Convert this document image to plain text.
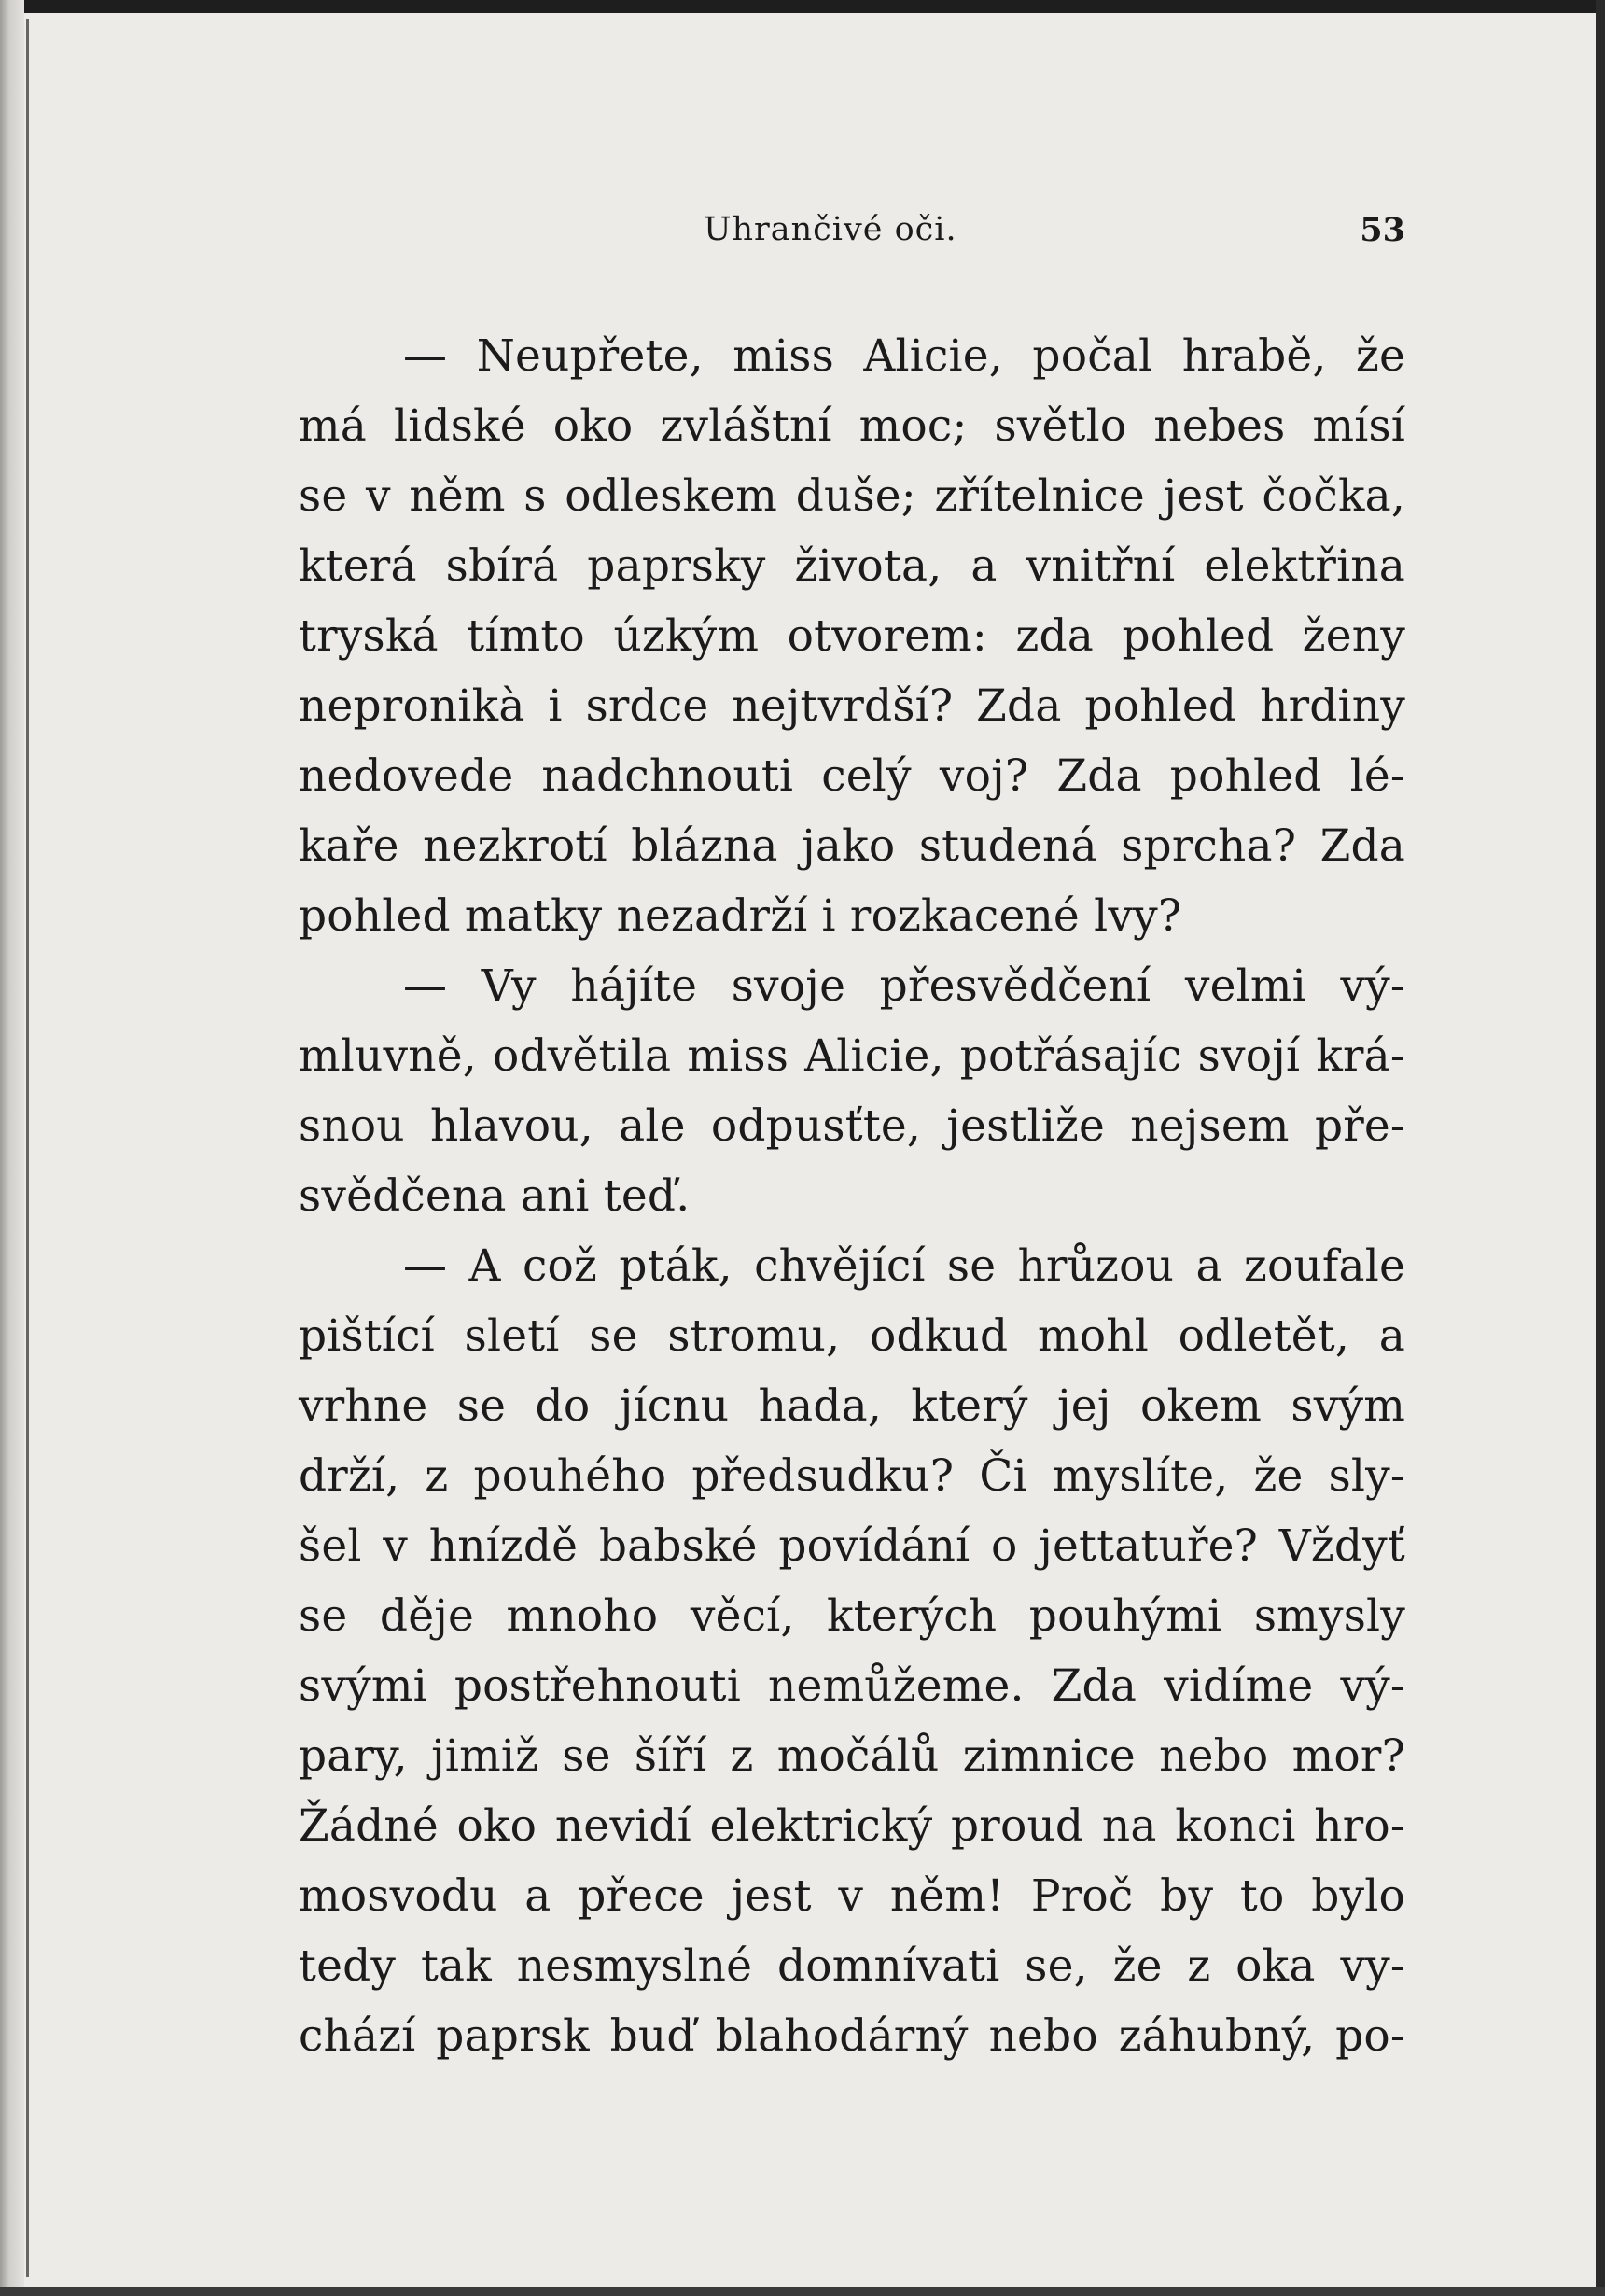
Uhrančivé oči.	53
— Neupřete, miss Alicie, počal hrabě, že
má lidské oko zvláštní moc; světlo nebes mísí
se v něm s odleskem duše; zřítelnice jest čočka,
která sbírá paprsky života, a vnitřní elektřina
tryská tímto úzkým otvorem: zda pohled ženy
nepronikà i srdce nejtvrdší? Zda pohled hrdiny
nedovede nadchnouti celý voj? Zda pohled lé-
kaře nezkrotí blázna jako studená sprcha? Zda
pohled matky nezadrží i rozkacené lvy?
— Vy hájíte svoje přesvědčení velmi vý-
mluvně, odvětila miss Alicie, potřásajíc svojí krá-
snou hlavou, ale odpusťte, jestliže nejsem pře-
svědčena ani teď.
— A což pták, chvějící se hrůzou a zoufale
pištící sletí se stromu, odkud mohl odletět, a
vrhne se do jícnu hada, který jej okem svým
drží, z pouhého předsudku? Či myslíte, že sly-
šel v hnízdě babské povídání o jettatuře? Vždyť
se děje mnoho věcí, kterých pouhými smysly
svými postřehnouti nemůžeme. Zda vidíme vý-
pary, jimiž se šíří z močálů zimnice nebo mor?
Žádné oko nevidí elektrický proud na konci hro-
mosvodu a přece jest v něm! Proč by to bylo
tedy tak nesmyslné domnívati se, že z oka vy-
chází paprsk buď blahodárný nebo záhubný, po-
